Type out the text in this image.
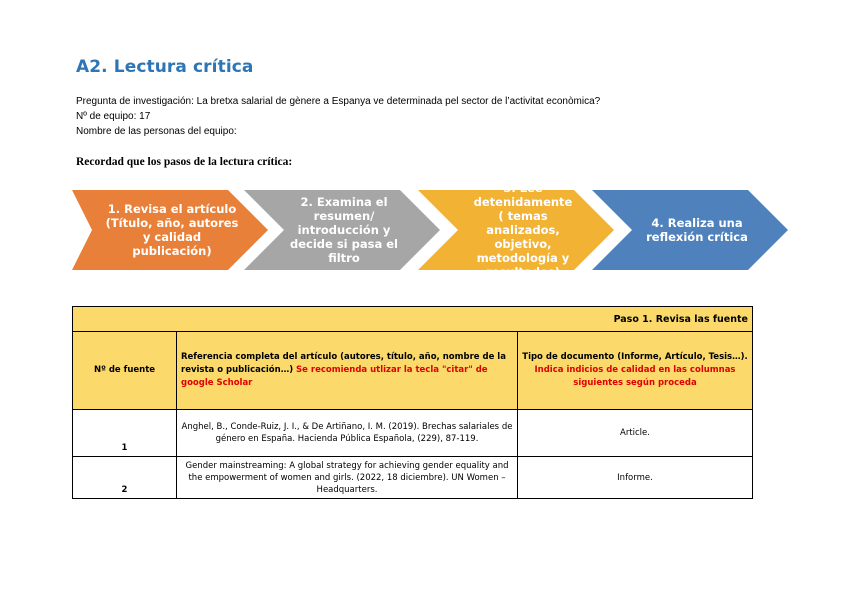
A2. Lectura crítica
Pregunta de investigación: La bretxa salarial de gènere a Espanya ve determinada pel sector de l’activitat econòmica?
Nº de equipo: 17
Nombre de las personas del equipo:
Recordad que los pasos de la lectura crítica:
1. Revisa el artículo
(Título, año, autores y calidad publicación)
2. Examina el resumen/ introducción y decide si pasa el filtro
3. Lee detenidamente
( temas analizados, objetivo, metodología y resultados)
4. Realiza una reflexión crítica
Paso 1. Revisa las fuente		
Nº de fuente	Referencia completa del artículo (autores, título, año, nombre de la revista o publicación…) Se recomienda utlizar la tecla "citar" de google Scholar	Tipo de documento (Informe, Artículo, Tesis…).
Indica indicios de calidad en las columnas siguientes según proceda
1	Anghel, B., Conde-Ruiz, J. I., & De Artiñano, I. M. (2019). Brechas salariales de género en España. Hacienda Pública Española, (229), 87-119.	Article.
2	Gender mainstreaming: A global strategy for achieving gender equality and the empowerment of women and girls. (2022, 18 diciembre). UN Women – Headquarters.	Informe.
